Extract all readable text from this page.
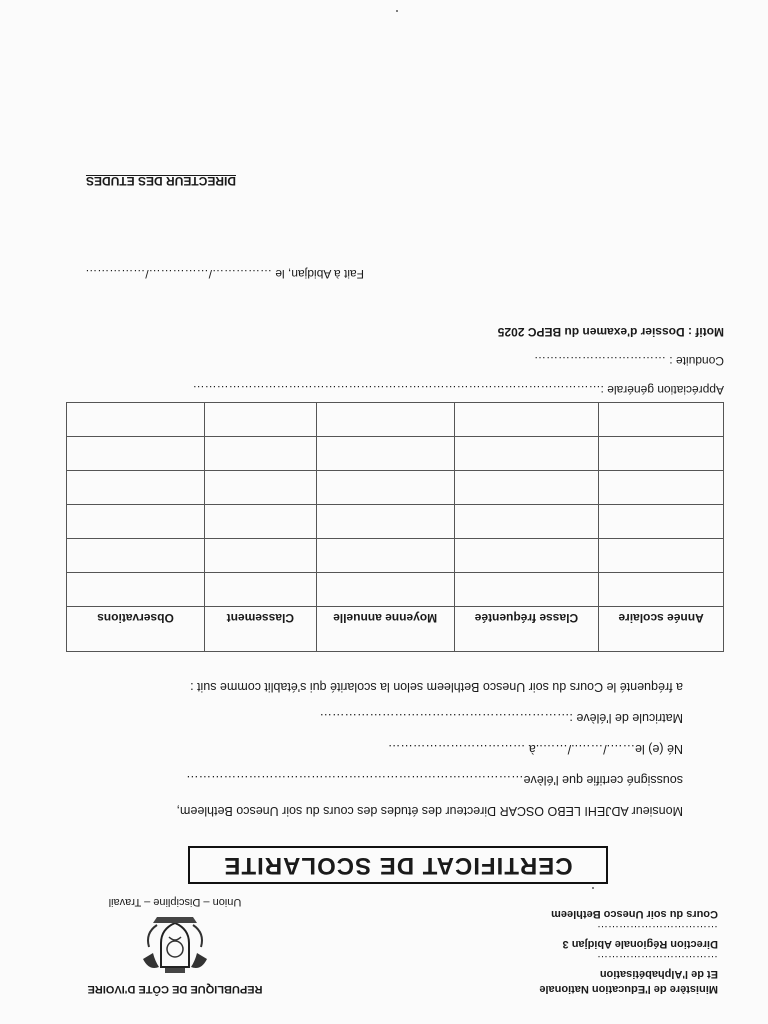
Ministère de l'Education Nationale
Et de l'Alphabétisation
……………………………
Direction Régionale Abidjan 3
……………………………
Cours du soir Unesco Bethleem
REPUBLIQUE DE CÔTE D'IVOIRE
Union – Discipline – Travail
CERTIFICAT DE SCOLARITE

Monsieur ADJEHI LEBO OSCAR Directeur des études des cours du soir Unesco Bethleem,

soussigné certifie que l'élève………………………………………………………………………

Né (e) le……./……../……..à ……………………………

Matricule de l'élève :……………………………………………………

a fréquenté le Cours du soir Unesco Bethleem selon la scolarité qui s'établit comme suit :

Année scolaire	Classe fréquentée	Moyenne annuelle	Classement	Observations

Appréciation générale :…………………………………………………………………………………………

Conduite : ……………………………

Motif : Dossier d'examen du BEPC 2025

Fait à Abidjan, le ……………/……………/……………
DIRECTEUR DES ETUDES
